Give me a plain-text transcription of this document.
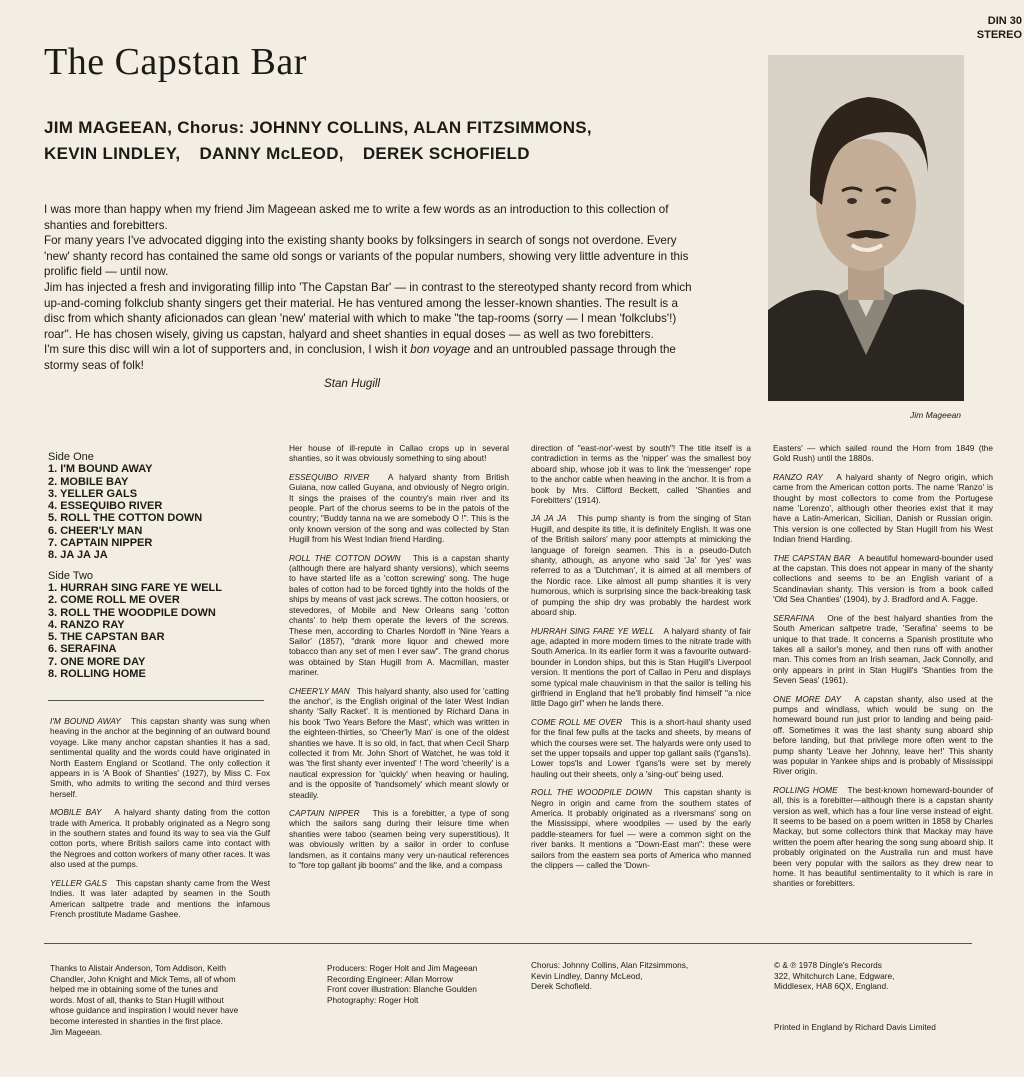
DIN 30
STEREO
The Capstan Bar
JIM MAGEEAN, Chorus: JOHNNY COLLINS, ALAN FITZSIMMONS,
KEVIN LINDLEY, DANNY McLEOD, DEREK SCHOFIELD

I was more than happy when my friend Jim Mageean asked me to write a few words as an introduction to this collection of shanties and forebitters.

For many years I've advocated digging into the existing shanty books by folksingers in search of songs not overdone. Every 'new' shanty record has contained the same old songs or variants of the popular numbers, showing very little adventure in this prolific field — until now.

Jim has injected a fresh and invigorating fillip into 'The Capstan Bar' — in contrast to the stereotyped shanty record from which up-and-coming folkclub shanty singers get their material. He has ventured among the lesser-known shanties. The result is a disc from which shanty aficionados can glean 'new' material with which to make "the tap-rooms (sorry — I mean 'folkclubs'!) roar". He has chosen wisely, giving us capstan, halyard and sheet shanties in equal doses — as well as two forebitters.

I'm sure this disc will win a lot of supporters and, in conclusion, I wish it bon voyage and an untroubled passage through the stormy seas of folk!

Stan Hugill
Jim Mageean
Side One
1. I'M BOUND AWAY
2. MOBILE BAY
3. YELLER GALS
4. ESSEQUIBO RIVER
5. ROLL THE COTTON DOWN
6. CHEER'LY MAN
7. CAPTAIN NIPPER
8. JA JA JA
Side Two
1. HURRAH SING FARE YE WELL
2. COME ROLL ME OVER
3. ROLL THE WOODPILE DOWN
4. RANZO RAY
5. THE CAPSTAN BAR
6. SERAFINA
7. ONE MORE DAY
8. ROLLING HOME

I'M BOUND AWAY This capstan shanty was sung when heaving in the anchor at the beginning of an outward bound voyage. Like many anchor capstan shanties it has a sad, sentimental quality and the words could have originated in North Eastern England or Scotland. The only collection it appears in is 'A Book of Shanties' (1927), by Miss C. Fox Smith, who admits to writing the second and third verses herself.

MOBILE BAY A halyard shanty dating from the cotton trade with America. It probably originated as a Negro song in the southern states and found its way to sea via the Gulf cotton ports, where British sailors came into contact with the Negroes and cotton workers of many other races. It was also used at the pumps.

YELLER GALS This capstan shanty came from the West Indies. It was later adapted by seamen in the South American saltpetre trade and mentions the infamous French prostitute Madame Gashee.

Her house of ill-repute in Callao crops up in several shanties, so it was obviously something to sing about!

ESSEQUIBO RIVER A halyard shanty from British Guiana, now called Guyana, and obviously of Negro origin. It sings the praises of the country's main river and its people. Part of the chorus seems to be in the patois of the country; "Buddy tanna na we are somebody O !". This is the only known version of the song and was collected by Stan Hugill from his West Indian friend Harding.

ROLL THE COTTON DOWN This is a capstan shanty (although there are halyard shanty versions), which seems to have started life as a 'cotton screwing' song. The huge bales of cotton had to be forced tightly into the holds of the ships by means of vast jack screws. The cotton hoosiers, or stevedores, of Mobile and New Orleans sang 'cotton chants' to help them operate the levers of the screws. These men, according to Charles Nordoff in 'Nine Years a Sailor' (1857), "drank more liquor and chewed more tobacco than any set of men I ever saw". The grand chorus was obtained by Stan Hugill from A. Macmillan, master mariner.

CHEER'LY MAN This halyard shanty, also used for 'catting the anchor', is the English original of the later West Indian shanty 'Sally Racket'. It is mentioned by Richard Dana in his book 'Two Years Before the Mast', which was written in the eighteen-thirties, so 'Cheer'ly Man' is one of the oldest shanties we have. It is so old, in fact, that when Cecil Sharp collected it from Mr. John Short of Watchet, he was told it was 'the first shanty ever invented' ! The word 'cheerily' is a nautical expression for 'quickly' when heaving or hauling, and is the opposite of 'handsomely' which meant slowly or steadily.

CAPTAIN NIPPER This is a forebitter, a type of song which the sailors sang during their leisure time when shanties were taboo (seamen being very superstitious). It was obviously written by a sailor in order to confuse landsmen, as it contains many very un-nautical references to "fore top gallant jib booms" and the like, and a compass

direction of "east-nor'-west by south"! The title itself is a contradiction in terms as the 'nipper' was the smallest boy aboard ship, whose job it was to link the 'messenger' rope to the anchor cable when heaving in the anchor. It is from a book by Mrs. Clifford Beckett, called 'Shanties and Forebitters' (1914).

JA JA JA This pump shanty is from the singing of Stan Hugill, and despite its title, it is definitely English. It was one of the British sailors' many poor attempts at mimicking the language of foreign seamen. This is a pseudo-Dutch shanty, athough, as anyone who said 'Ja' for 'yes' was referred to as a 'Dutchman', it is aimed at all members of the Nordic race. Like almost all pump shanties it is very humorous, which is surprising since the back-breaking task of pumping the ship dry was probably the hardest work aboard ship.

HURRAH SING FARE YE WELL A halyard shanty of fair age, adapted in more modern times to the nitrate trade with South America. In its earlier form it was a favourite outward-bounder in London ships, but this is Stan Hugill's Liverpool version. It mentions the port of Callao in Peru and displays some typical male chauvinism in that the sailor is telling his girlfriend in England that he'll probably find himself "a nice little Dago girl" when he lands there.

COME ROLL ME OVER This is a short-haul shanty used for the final few pulls at the tacks and sheets, by means of which the courses were set. The halyards were only used to set the upper topsails and upper top gallant sails (t'gans'ls). Lower tops'ls and Lower t'gans'ls were set by merely hauling out their sheets, only a 'sing-out' being used.

ROLL THE WOODPILE DOWN This capstan shanty is Negro in origin and came from the southern states of America. It probably originated as a riversmans' song on the Mississippi, where woodpiles — used by the early paddle-steamers for fuel — were a common sight on the river banks. It mentions a "Down-East man": these were sailors from the eastern sea ports of America who manned the clippers — called the 'Down-

Easters' — which sailed round the Horn from 1849 (the Gold Rush) until the 1880s.

RANZO RAY A halyard shanty of Negro origin, which came from the American cotton ports. The name 'Ranzo' is thought by most collectors to come from the Portugese name 'Lorenzo', although other theories exist that it may have a Latin-American, Sicilian, Danish or Russian origin. This version is one collected by Stan Hugill from his West Indian friend Harding.

THE CAPSTAN BAR A beautiful homeward-bounder used at the capstan. This does not appear in many of the shanty collections and seems to be an English variant of a Scandinavian shanty. This version is from a book called 'Old Sea Chanties' (1904), by J. Bradford and A. Fagge.

SERAFINA One of the best halyard shanties from the South American saltpetre trade, 'Serafina' seems to be unique to that trade. It concerns a Spanish prostitute who takes all a sailor's money, and then runs off with another man. This comes from an Irish seaman, Jack Connolly, and only appears in print in Stan Hugill's 'Shanties from the Seven Seas' (1961).

ONE MORE DAY A capstan shanty, also used at the pumps and windlass, which would be sung on the homeward bound run just prior to landing and being paid-off. Sometimes it was the last shanty sung aboard ship before landing, but that privilege more often went to the pump shanty 'Leave her Johnny, leave her!' This shanty was popular in Yankee ships and is probably of Mississippi River origin.

ROLLING HOME The best-known homeward-bounder of all, this is a forebitter—although there is a capstan shanty version as well, which has a four line verse instead of eight. It seems to be based on a poem written in 1858 by Charles Mackay, but some collectors think that Mackay may have written the poem after hearing the song sung aboard ship. It probably originated on the Australia run and must have been very popular with the sailors as they drew near to home. It has beautiful sentimentality to it which is rare in shanties or forebitters.

Thanks to Alistair Anderson, Tom Addison, Keith
Chandler, John Knight and Mick Tems, all of whom
helped me in obtaining some of the tunes and
words. Most of all, thanks to Stan Hugill without
whose guidance and inspiration I would never have
become interested in shanties in the first place.
Jim Mageean.
Producers: Roger Holt and Jim Mageean
Recording Engineer: Allan Morrow
Front cover illustration: Blanche Goulden
Photography: Roger Holt
Chorus: Johnny Collins, Alan Fitzsimmons,
Kevin Lindley, Danny McLeod,
Derek Schofield.
© & ℗ 1978 Dingle's Records
322, Whitchurch Lane, Edgware,
Middlesex, HA8 6QX, England.
Printed in England by Richard Davis Limited
